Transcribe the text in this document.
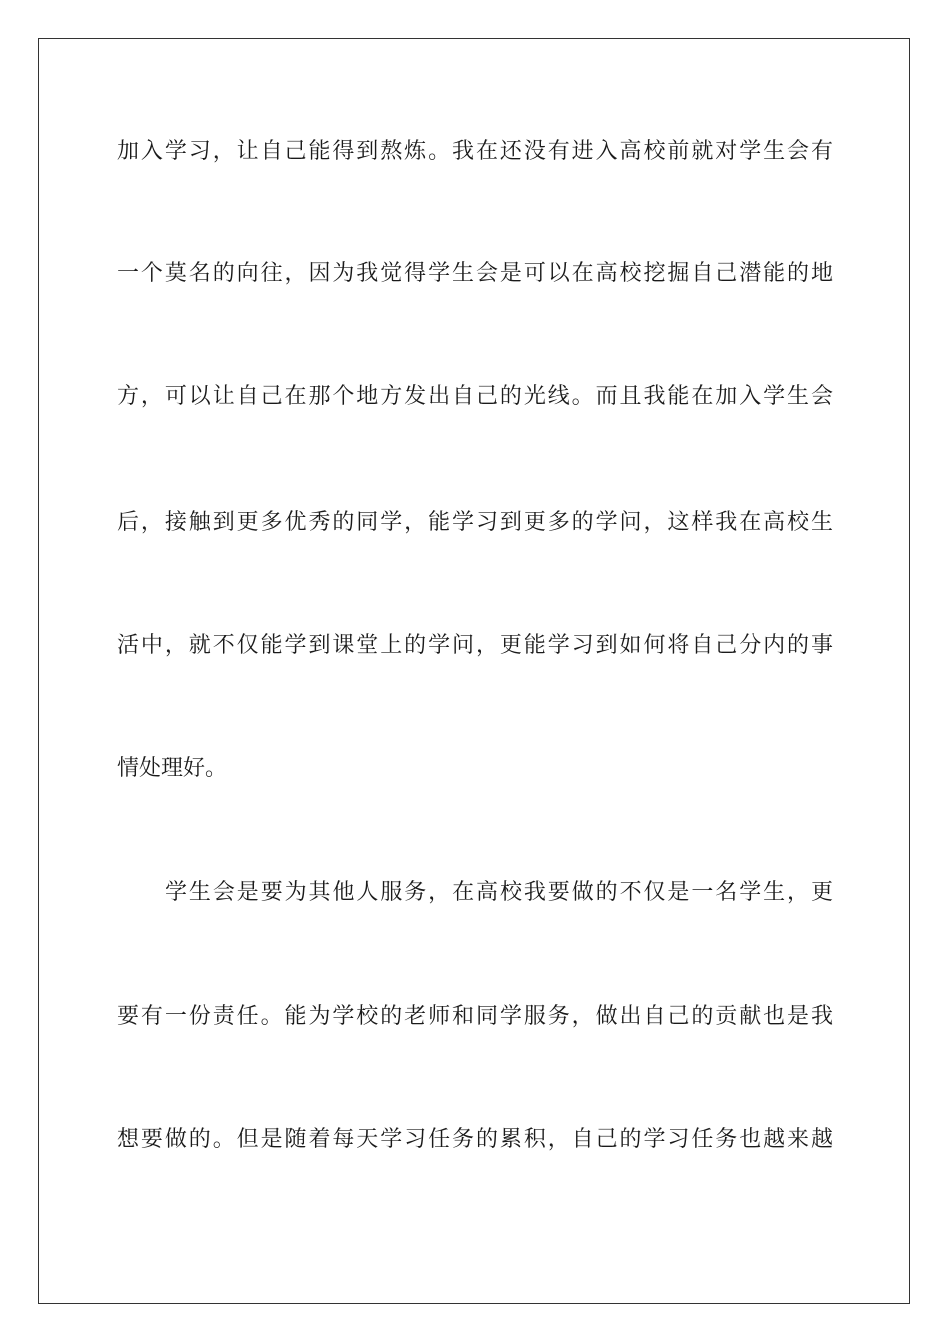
加入学习，让自己能得到熬炼。我在还没有进入高校前就对学生会有
一个莫名的向往，因为我觉得学生会是可以在高校挖掘自己潜能的地
方，可以让自己在那个地方发出自己的光线。而且我能在加入学生会
后，接触到更多优秀的同学，能学习到更多的学问，这样我在高校生
活中，就不仅能学到课堂上的学问，更能学习到如何将自己分内的事
情处理好。
学生会是要为其他人服务，在高校我要做的不仅是一名学生，更
要有一份责任。能为学校的老师和同学服务，做出自己的贡献也是我
想要做的。但是随着每天学习任务的累积，自己的学习任务也越来越
